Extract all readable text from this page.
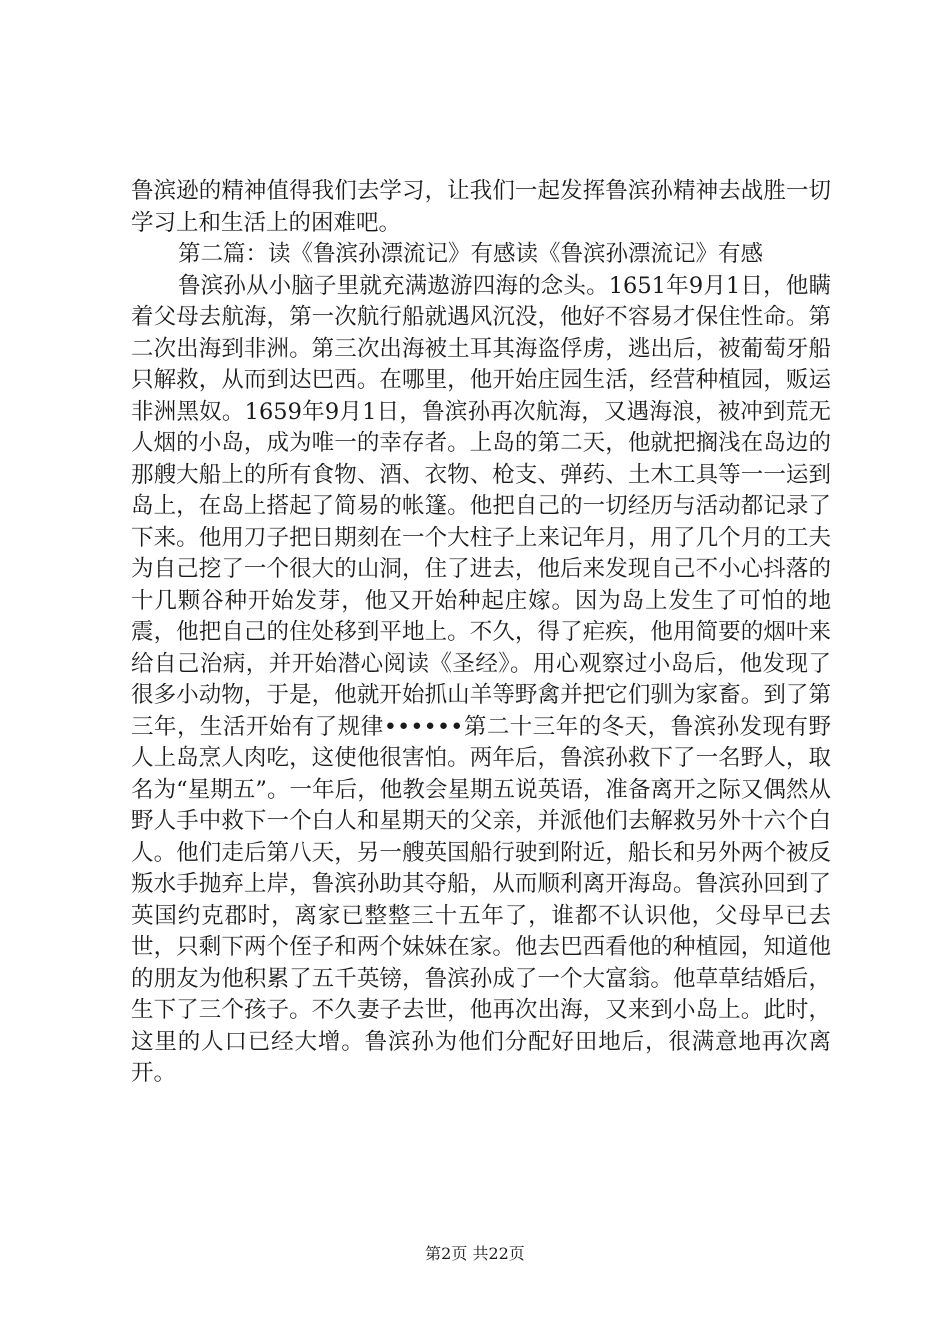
鲁滨逊的精神值得我们去学习，让我们一起发挥鲁滨孙精神去战胜一切学习上和生活上的困难吧。

第二篇：读《鲁滨孙漂流记》有感读《鲁滨孙漂流记》有感

鲁滨孙从小脑子里就充满遨游四海的念头。1651年9月1日，他瞒着父母去航海，第一次航行船就遇风沉没，他好不容易才保住性命。第二次出海到非洲。第三次出海被土耳其海盗俘虏，逃出后，被葡萄牙船只解救，从而到达巴西。在哪里，他开始庄园生活，经营种植园，贩运非洲黑奴。1659年9月1日，鲁滨孙再次航海，又遇海浪，被冲到荒无人烟的小岛，成为唯一的幸存者。上岛的第二天，他就把搁浅在岛边的那艘大船上的所有食物、酒、衣物、枪支、弹药、土木工具等一一运到岛上，在岛上搭起了简易的帐篷。他把自己的一切经历与活动都记录了下来。他用刀子把日期刻在一个大柱子上来记年月，用了几个月的工夫为自己挖了一个很大的山洞，住了进去，他后来发现自己不小心抖落的十几颗谷种开始发芽，他又开始种起庄嫁。因为岛上发生了可怕的地震，他把自己的住处移到平地上。不久，得了疟疾，他用简要的烟叶来给自己治病，并开始潜心阅读《圣经》。用心观察过小岛后，他发现了很多小动物，于是，他就开始抓山羊等野禽并把它们驯为家畜。到了第三年，生活开始有了规律••••••第二十三年的冬天，鲁滨孙发现有野人上岛烹人肉吃，这使他很害怕。两年后，鲁滨孙救下了一名野人，取名为“星期五”。一年后，他教会星期五说英语，准备离开之际又偶然从野人手中救下一个白人和星期天的父亲，并派他们去解救另外十六个白人。他们走后第八天，另一艘英国船行驶到附近，船长和另外两个被反叛水手抛弃上岸，鲁滨孙助其夺船，从而顺利离开海岛。鲁滨孙回到了英国约克郡时，离家已整整三十五年了，谁都不认识他，父母早已去世，只剩下两个侄子和两个妹妹在家。他去巴西看他的种植园，知道他的朋友为他积累了五千英镑，鲁滨孙成了一个大富翁。他草草结婚后，生下了三个孩子。不久妻子去世，他再次出海，又来到小岛上。此时，这里的人口已经大增。鲁滨孙为他们分配好田地后，很满意地再次离开。

第2页 共22页
